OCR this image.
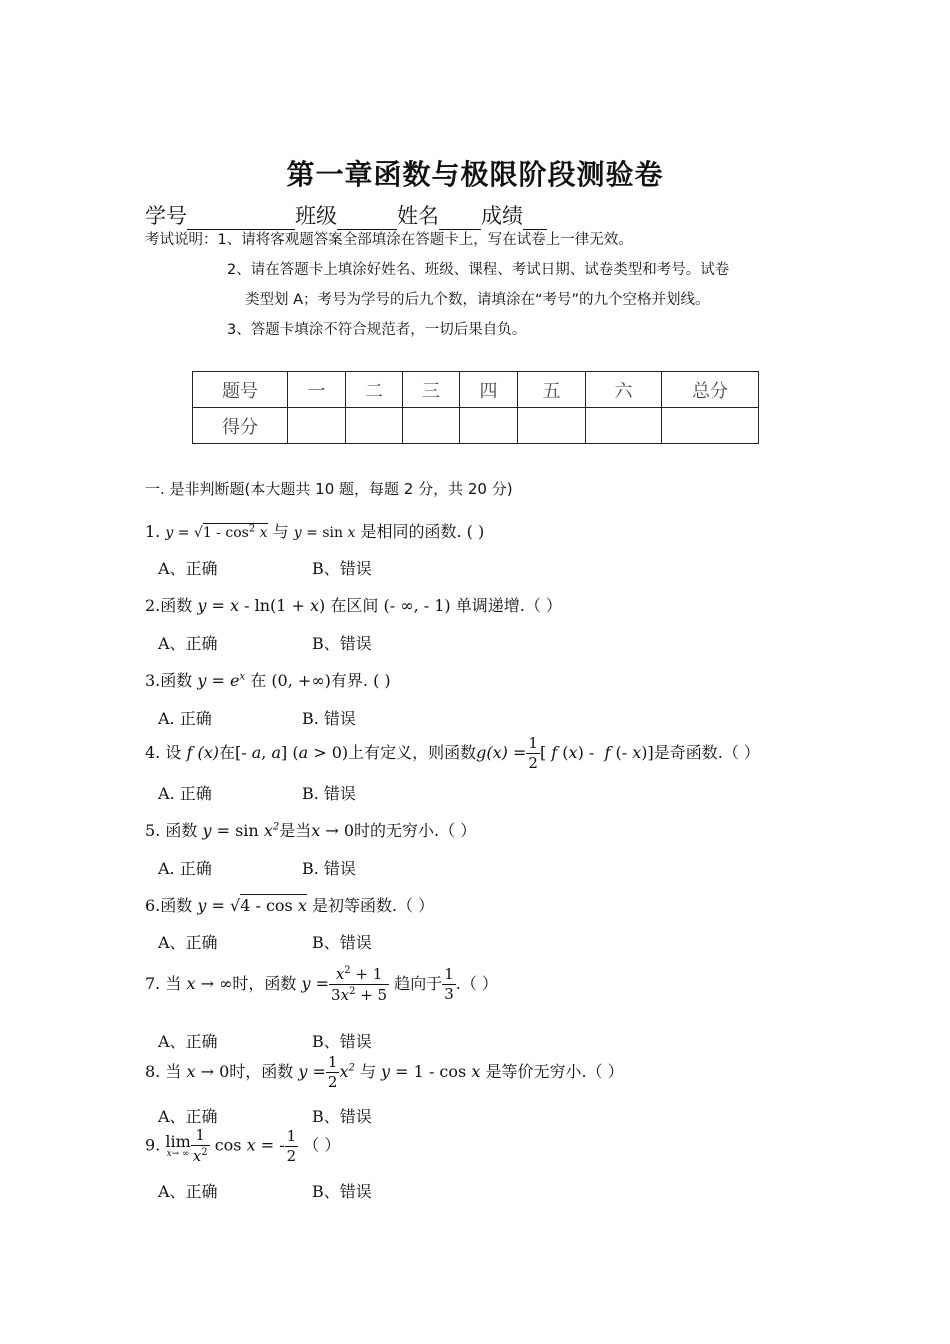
第一章函数与极限阶段测验卷
学号	班级	姓名 成绩
考试说明：1、请将客观题答案全部填涂在答题卡上，写在试卷上一律无效。
2、请在答题卡上填涂好姓名、班级、课程、考试日期、试卷类型和考号。试卷
类型划 A；考号为学号的后九个数，请填涂在“考号”的九个空格并划线。
3、答题卡填涂不符合规范者，一切后果自负。
题号	一	二	三	四	五	六	总分
得分							
一. 是非判断题(本大题共 10 题，每题 2 分，共 20 分)
1. $y = √1 - \cos^2 x$ 与 y = sin x 是相同的函数. ( )
A、正确	B、错误
2.函数 y = x - ln(1 + x) 在区间 (- ∞, - 1) 单调递增.（ ）
A、正确	B、错误
3.函数 $y = e^x$ 在 (0, +∞)有界. ( )
A. 正确	B. 错误
4. 设 f (x)在[- a, a] (a > 0)上有定义，则函数$g(x) = \frac{1}{2}$ [ f (x) -  f (- x)]是奇函数.（ ）
A. 正确	B. 错误
5. 函数 $y = \sin x^2$是当x → 0时的无穷小.（ ）
A. 正确	B. 错误
6.函数 y = √4 - cos x 是初等函数.（ ）
A、正确	B、错误
7. 当 x → ∞时，函数 $y = \frac{x^2 + 1}{3x^2 + 5}$ 趋向于 $\frac{1}{3}$ .（ ）
A、正确	B、错误
8. 当 x → 0时，函数 $y = \frac{1}{2} x^2$ 与 y = 1 - cos x 是等价无穷小.（ ）
A、正确	B、错误
9. lim
x→ ∞ $\frac{1}{x^2}$ cos x = - $\frac{1}{2}$ （ ）
A、正确	B、错误
